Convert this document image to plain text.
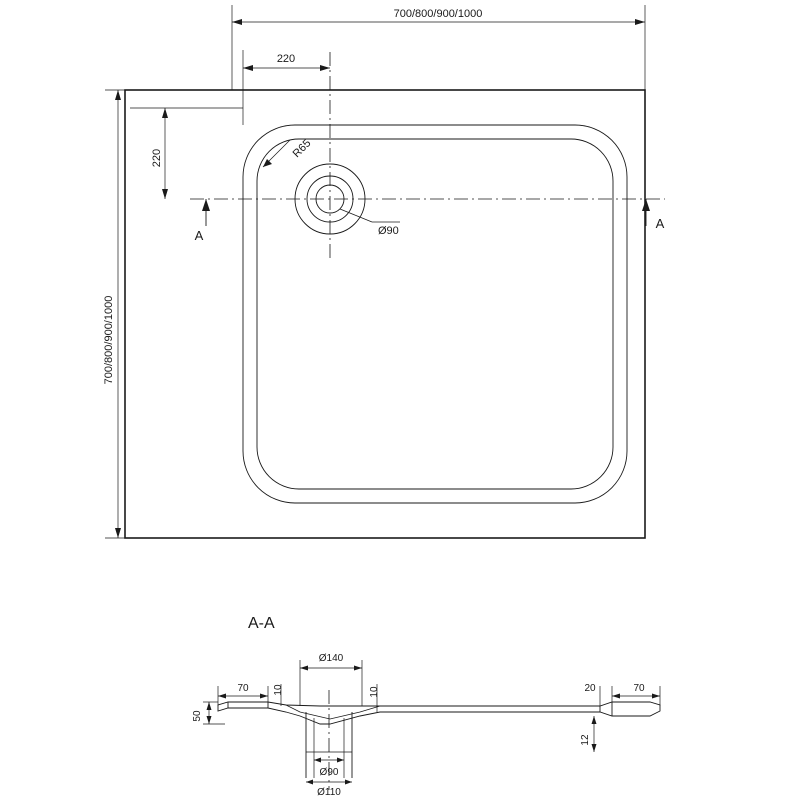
A
A
700/800/900/1000
220
220
700/800/900/1000
R65
Ø90
A-A
Ø140
70 10	10	20	70
50
12
Ø90
Ø110
